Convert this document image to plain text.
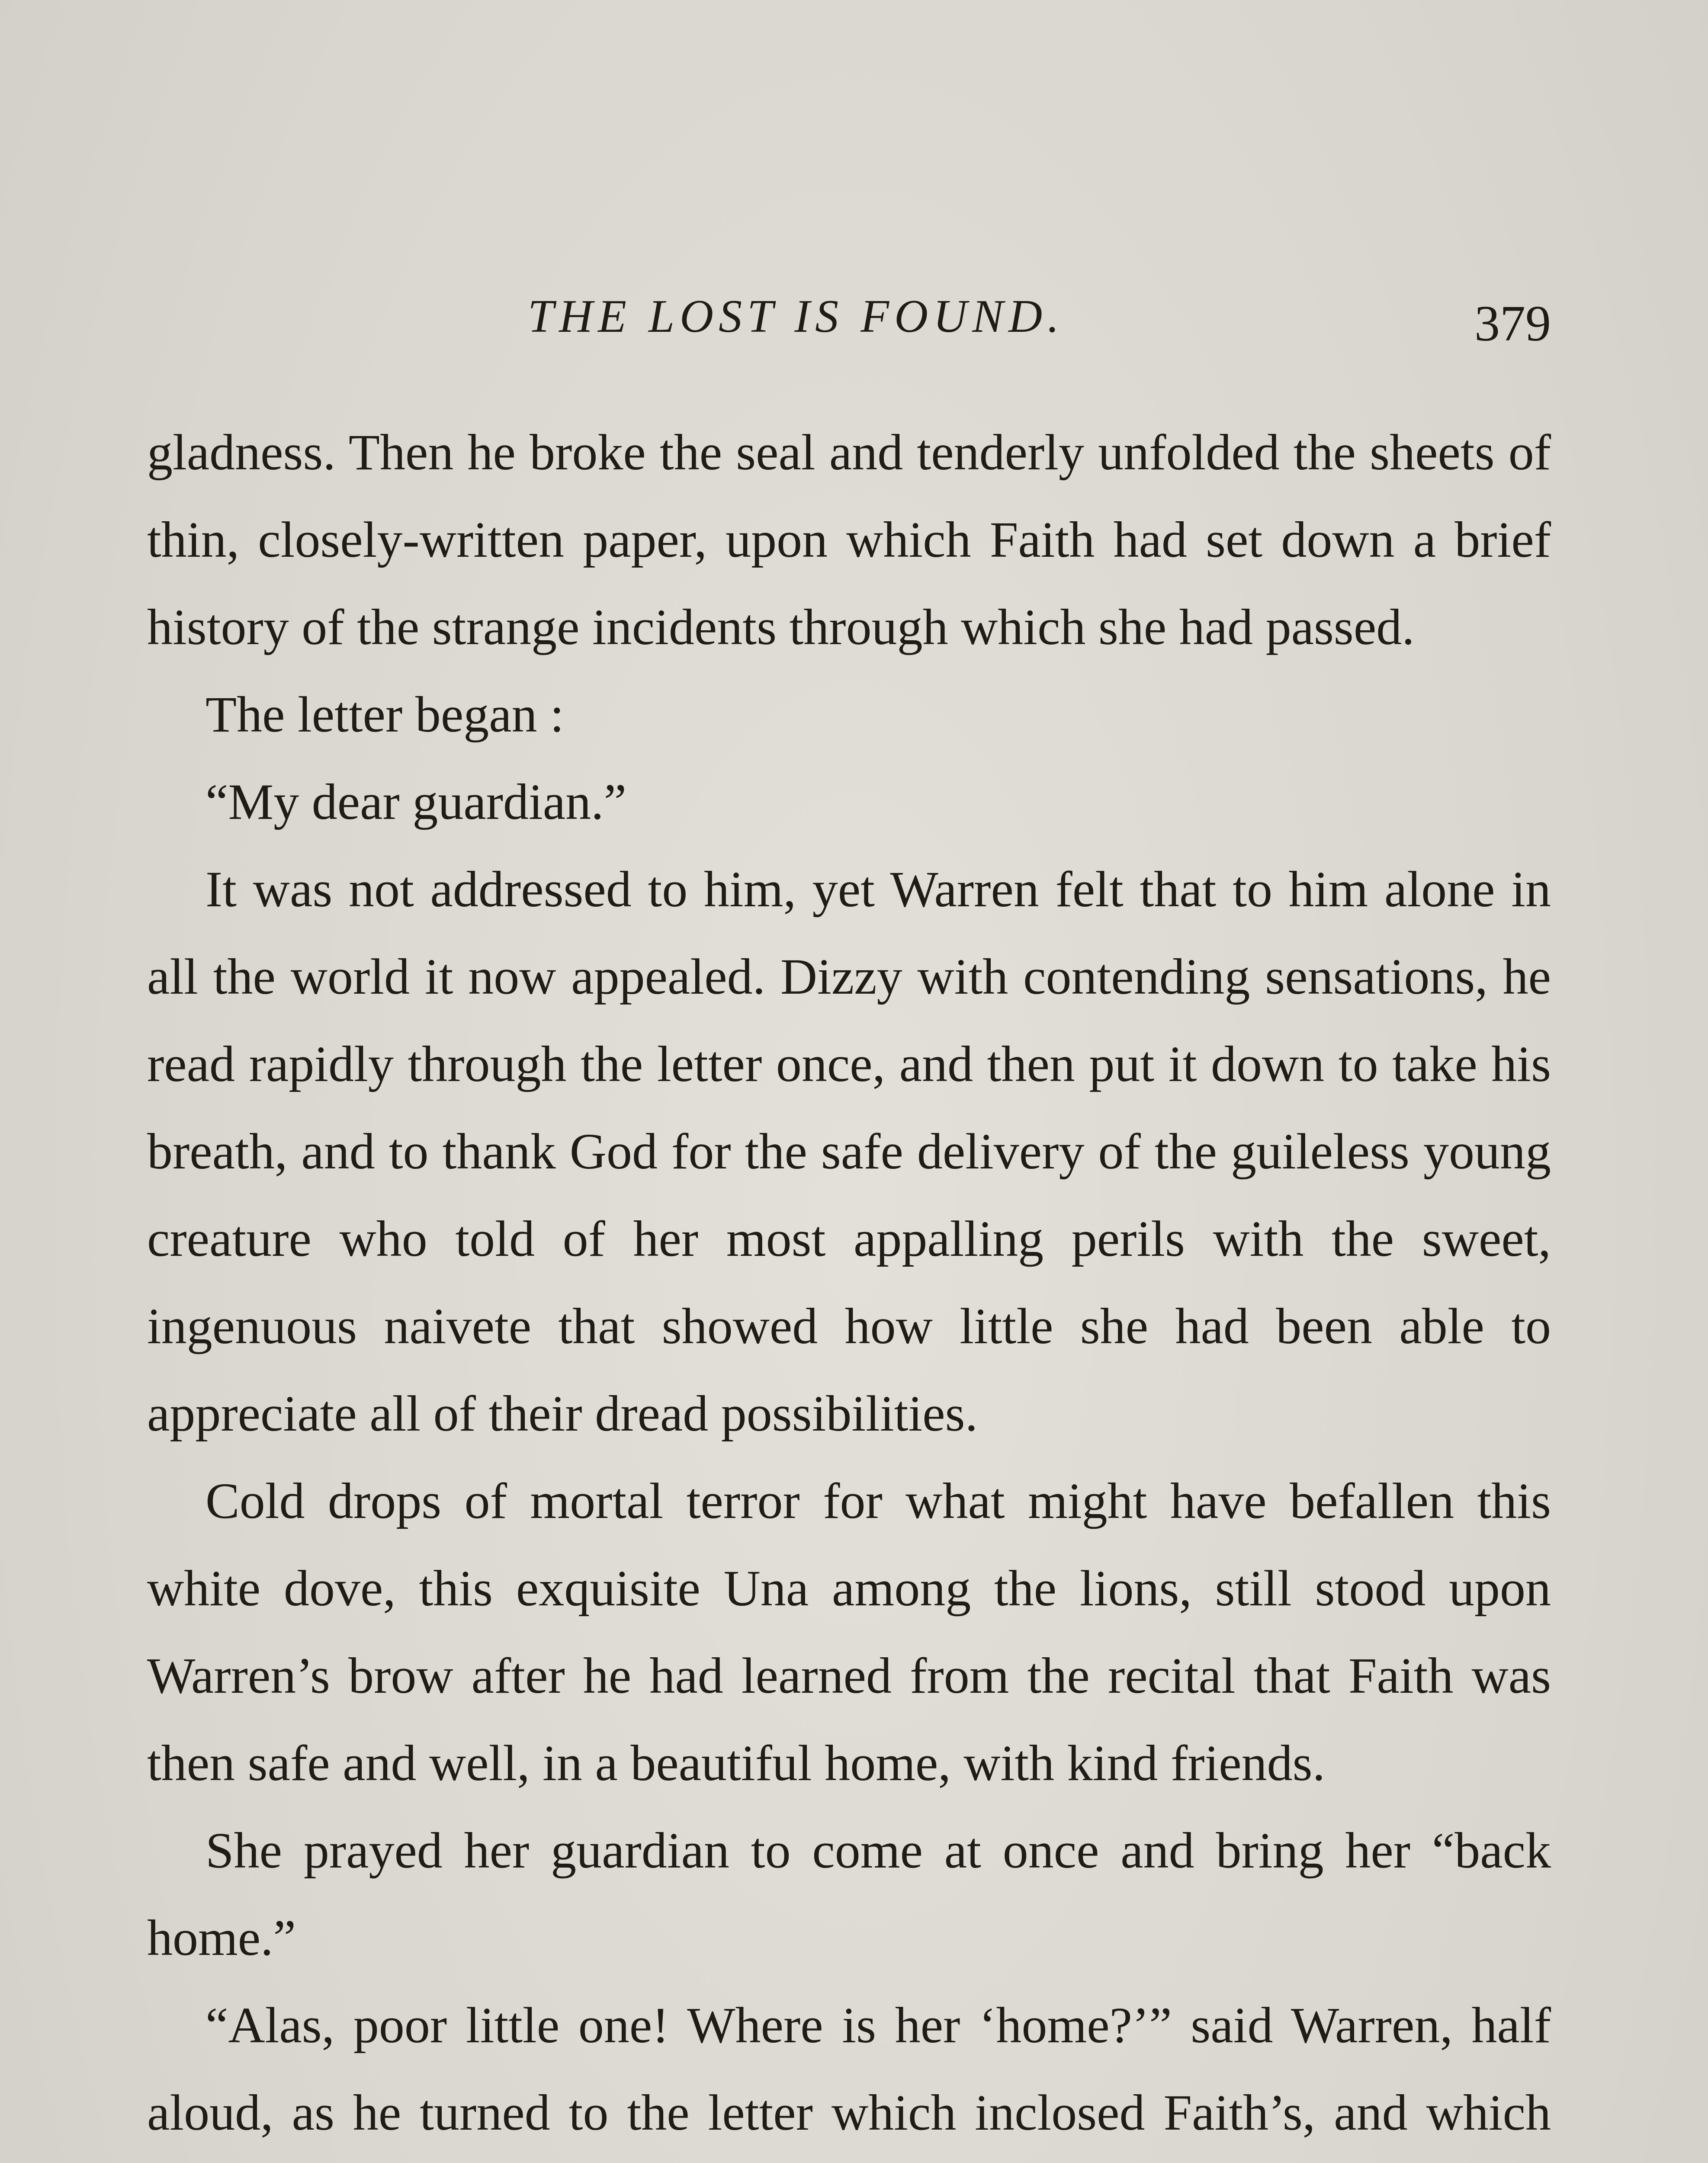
THE LOST IS FOUND.	379

gladness. Then he broke the seal and tenderly unfolded the sheets of thin, closely-written paper, upon which Faith had set down a brief history of the strange incidents through which she had passed.

The letter began :

“My dear guardian.”

It was not addressed to him, yet Warren felt that to him alone in all the world it now appealed. Dizzy with contending sensations, he read rapidly through the letter once, and then put it down to take his breath, and to thank God for the safe delivery of the guileless young creature who told of her most appalling perils with the sweet, ingenuous naivete that showed how little she had been able to appreciate all of their dread possibilities.

Cold drops of mortal terror for what might have befallen this white dove, this exquisite Una among the lions, still stood upon Warren’s brow after he had learned from the recital that Faith was then safe and well, in a beautiful home, with kind friends.

She prayed her guardian to come at once and bring her “back home.”

“Alas, poor little one! Where is her ‘home?’” said Warren, half aloud, as he turned to the letter which inclosed Faith’s, and which
